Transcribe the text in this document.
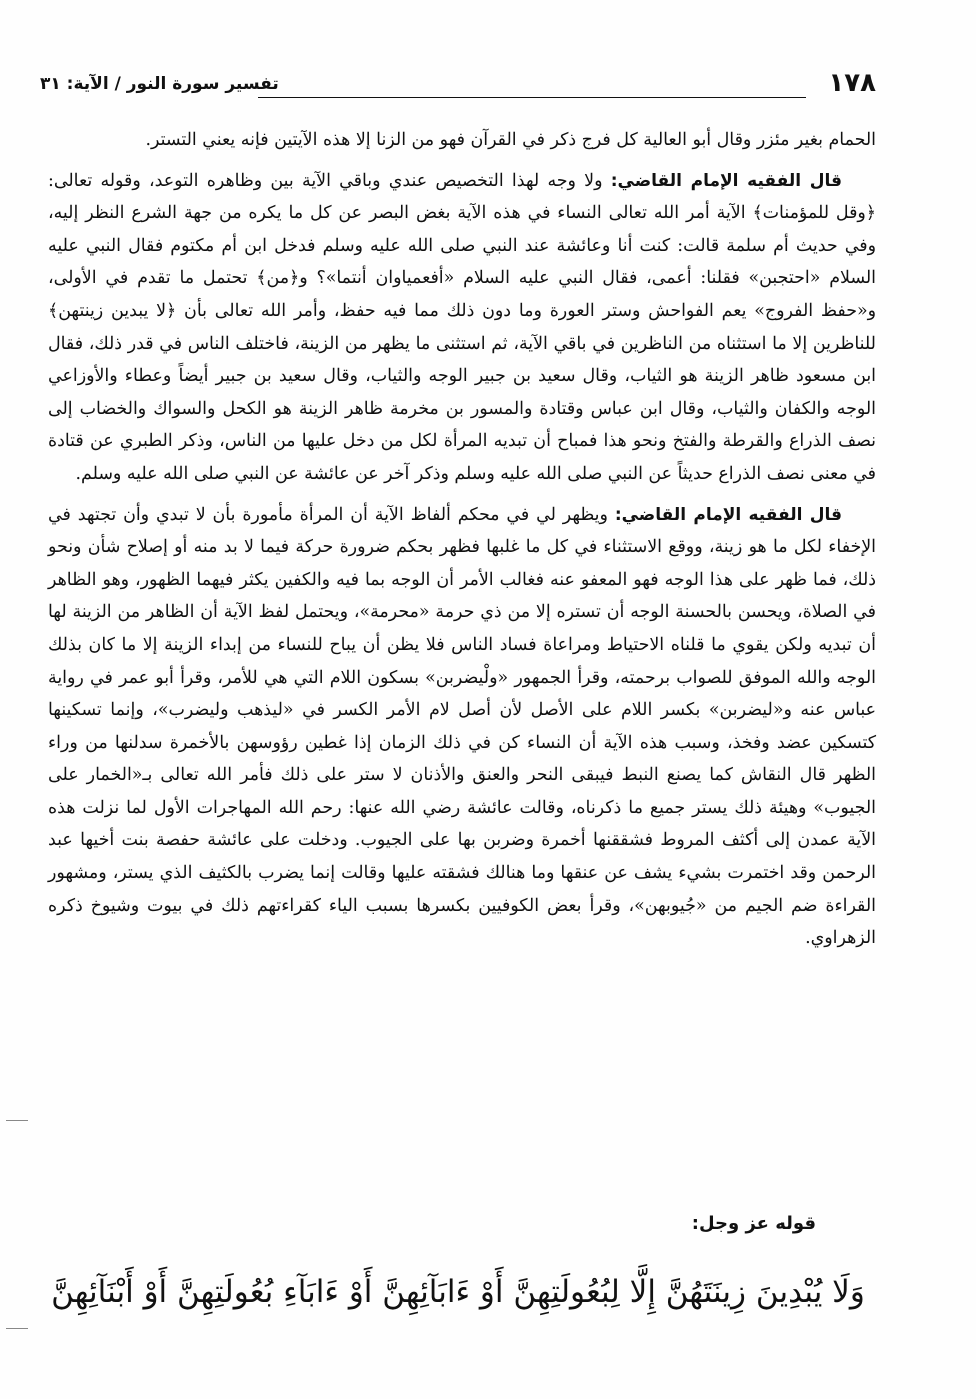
١٧٨
تفسير سورة النور / الآية: ٣١

الحمام بغير مئزر وقال أبو العالية كل فرج ذكر في القرآن فهو من الزنا إلا هذه الآيتين فإنه يعني التستر.

قال الفقيه الإمام القاضي: ولا وجه لهذا التخصيص عندي وباقي الآية بين وظاهره التوعد، وقوله تعالى: ﴿وقل للمؤمنات﴾ الآية أمر الله تعالى النساء في هذه الآية بغض البصر عن كل ما يكره من جهة الشرع النظر إليه، وفي حديث أم سلمة قالت: كنت أنا وعائشة عند النبي صلى الله عليه وسلم فدخل ابن أم مكتوم فقال النبي عليه السلام «احتجبن» فقلنا: أعمى، فقال النبي عليه السلام «أفعمياوان أنتما»؟ و﴿من﴾ تحتمل ما تقدم في الأولى، و«حفظ الفروج» يعم الفواحش وستر العورة وما دون ذلك مما فيه حفظ، وأمر الله تعالى بأن ﴿لا يبدين زينتهن﴾ للناظرين إلا ما استثناه من الناظرين في باقي الآية، ثم استثنى ما يظهر من الزينة، فاختلف الناس في قدر ذلك، فقال ابن مسعود ظاهر الزينة هو الثياب، وقال سعيد بن جبير الوجه والثياب، وقال سعيد بن جبير أيضاً وعطاء والأوزاعي الوجه والكفان والثياب، وقال ابن عباس وقتادة والمسور بن مخرمة ظاهر الزينة هو الكحل والسواك والخضاب إلى نصف الذراع والقرطة والفتخ ونحو هذا فمباح أن تبديه المرأة لكل من دخل عليها من الناس، وذكر الطبري عن قتادة في معنى نصف الذراع حديثاً عن النبي صلى الله عليه وسلم وذكر آخر عن عائشة عن النبي صلى الله عليه وسلم.

قال الفقيه الإمام القاضي: ويظهر لي في محكم ألفاظ الآية أن المرأة مأمورة بأن لا تبدي وأن تجتهد في الإخفاء لكل ما هو زينة، ووقع الاستثناء في كل ما غلبها فظهر بحكم ضرورة حركة فيما لا بد منه أو إصلاح شأن ونحو ذلك، فما ظهر على هذا الوجه فهو المعفو عنه فغالب الأمر أن الوجه بما فيه والكفين يكثر فيهما الظهور، وهو الظاهر في الصلاة، ويحسن بالحسنة الوجه أن تستره إلا من ذي حرمة «محرمة»، ويحتمل لفظ الآية أن الظاهر من الزينة لها أن تبديه ولكن يقوي ما قلناه الاحتياط ومراعاة فساد الناس فلا يظن أن يباح للنساء من إبداء الزينة إلا ما كان بذلك الوجه والله الموفق للصواب برحمته، وقرأ الجمهور «ولْيضربن» بسكون اللام التي هي للأمر، وقرأ أبو عمر في رواية عباس عنه و«ليضربن» بكسر اللام على الأصل لأن أصل لام الأمر الكسر في «ليذهب وليضرب»، وإنما تسكينها كتسكين عضد وفخذ، وسبب هذه الآية أن النساء كن في ذلك الزمان إذا غطين رؤوسهن بالأخمرة سدلنها من وراء الظهر قال النقاش كما يصنع النبط فيبقى النحر والعنق والأذنان لا ستر على ذلك فأمر الله تعالى بـ«الخمار على الجيوب» وهيئة ذلك يستر جميع ما ذكرناه، وقالت عائشة رضي الله عنها: رحم الله المهاجرات الأول لما نزلت هذه الآية عمدن إلى أكثف المروط فشققنها أخمرة وضربن بها على الجيوب. ودخلت على عائشة حفصة بنت أخيها عبد الرحمن وقد اختمرت بشيء يشف عن عنقها وما هنالك فشقته عليها وقالت إنما يضرب بالكثيف الذي يستر، ومشهور القراءة ضم الجيم من «جُيوبهن»، وقرأ بعض الكوفيين بكسرها بسبب الياء كقراءتهم ذلك في بيوت وشيوخ ذكره الزهراوي.

قوله عز وجل:
وَلَا يُبْدِينَ زِينَتَهُنَّ إِلَّا لِبُعُولَتِهِنَّ أَوْ ءَابَآئِهِنَّ أَوْ ءَابَآءِ بُعُولَتِهِنَّ أَوْ أَبْنَآئِهِنَّ
